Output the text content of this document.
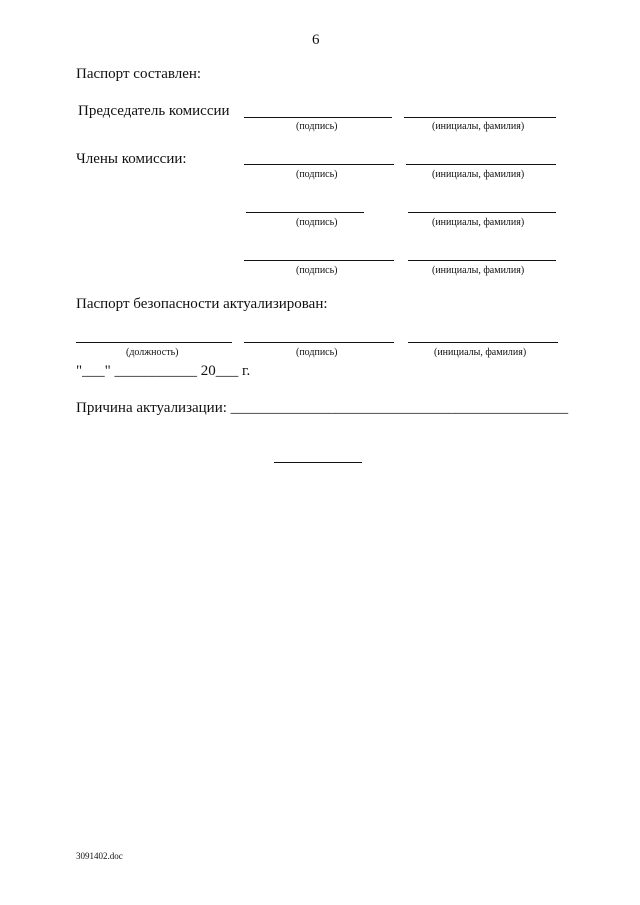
6
Паспорт составлен:
Председатель комиссии
(подпись)	(инициалы, фамилия)
Члены комиссии:
(подпись)	(инициалы, фамилия)
(подпись)	(инициалы, фамилия)
(подпись)	(инициалы, фамилия)
Паспорт безопасности актуализирован:
(должность)	(подпись)	(инициалы, фамилия)
"___" ___________ 20___ г.
Причина актуализации: _____________________________________________
3091402.doc
